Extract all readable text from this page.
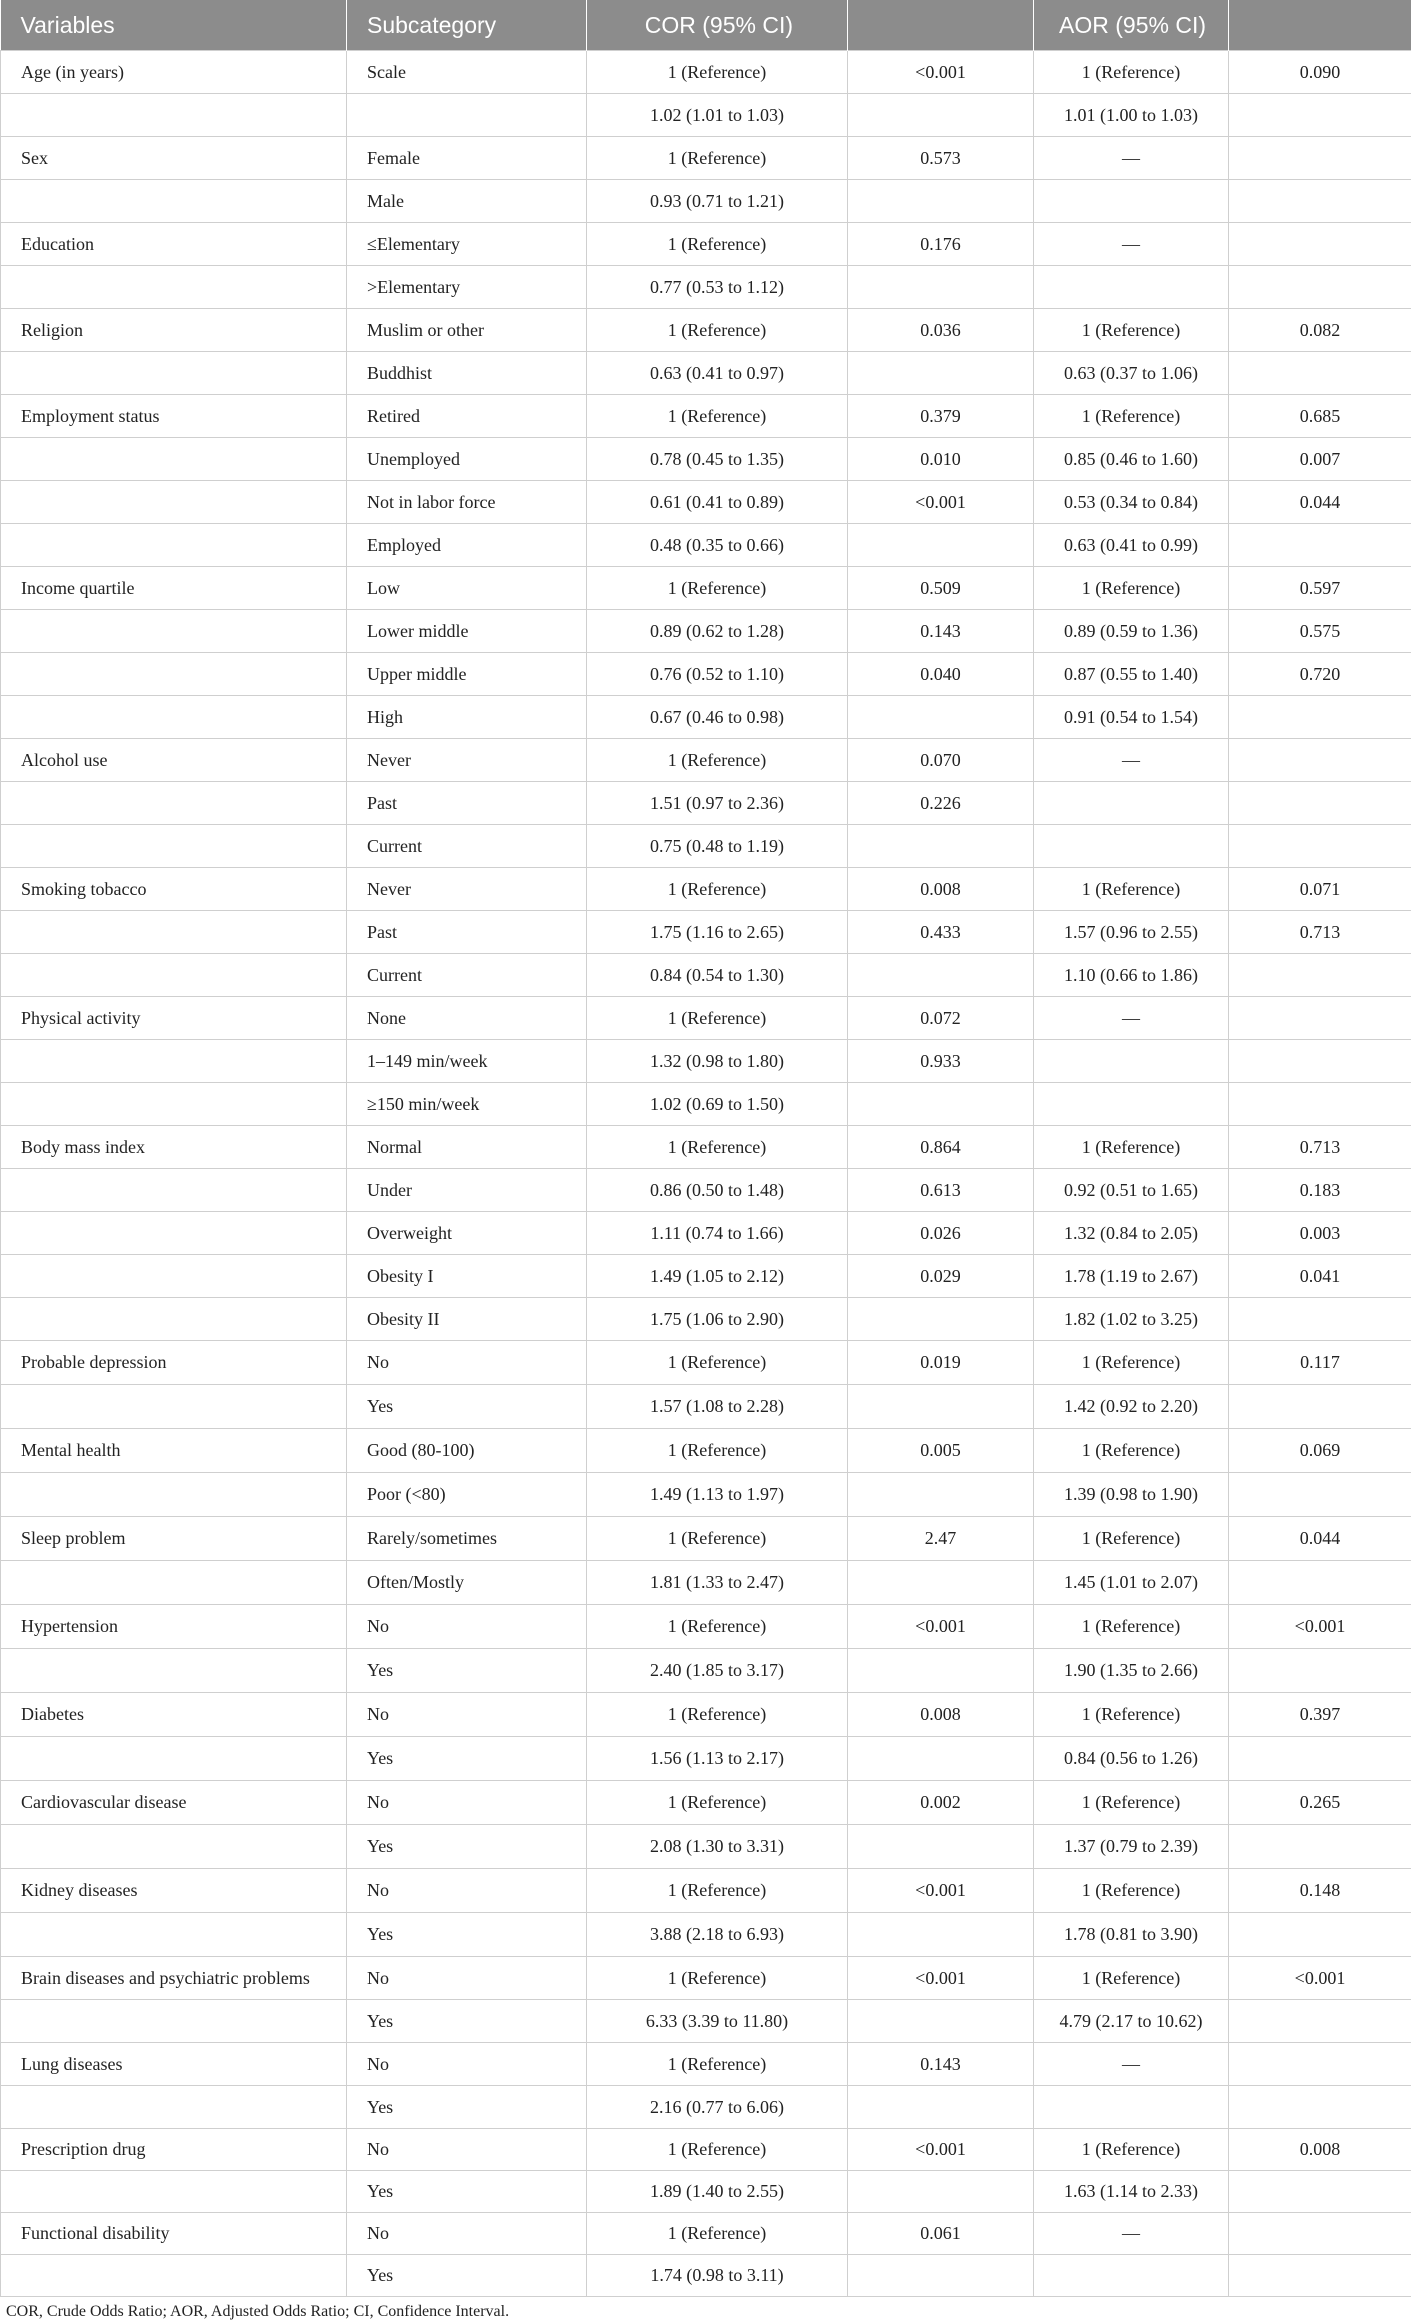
Variables	Subcategory	COR (95% CI)		AOR (95% CI)	
Age (in years)	Scale	1 (Reference)	<0.001	1 (Reference)	0.090
		1.02 (1.01 to 1.03)		1.01 (1.00 to 1.03)	
Sex	Female	1 (Reference)	0.573	—	
	Male	0.93 (0.71 to 1.21)			
Education	≤Elementary	1 (Reference)	0.176	—	
	>Elementary	0.77 (0.53 to 1.12)			
Religion	Muslim or other	1 (Reference)	0.036	1 (Reference)	0.082
	Buddhist	0.63 (0.41 to 0.97)		0.63 (0.37 to 1.06)	
Employment status	Retired	1 (Reference)	0.379	1 (Reference)	0.685
	Unemployed	0.78 (0.45 to 1.35)	0.010	0.85 (0.46 to 1.60)	0.007
	Not in labor force	0.61 (0.41 to 0.89)	<0.001	0.53 (0.34 to 0.84)	0.044
	Employed	0.48 (0.35 to 0.66)		0.63 (0.41 to 0.99)	
Income quartile	Low	1 (Reference)	0.509	1 (Reference)	0.597
	Lower middle	0.89 (0.62 to 1.28)	0.143	0.89 (0.59 to 1.36)	0.575
	Upper middle	0.76 (0.52 to 1.10)	0.040	0.87 (0.55 to 1.40)	0.720
	High	0.67 (0.46 to 0.98)		0.91 (0.54 to 1.54)	
Alcohol use	Never	1 (Reference)	0.070	—	
	Past	1.51 (0.97 to 2.36)	0.226		
	Current	0.75 (0.48 to 1.19)			
Smoking tobacco	Never	1 (Reference)	0.008	1 (Reference)	0.071
	Past	1.75 (1.16 to 2.65)	0.433	1.57 (0.96 to 2.55)	0.713
	Current	0.84 (0.54 to 1.30)		1.10 (0.66 to 1.86)	
Physical activity	None	1 (Reference)	0.072	—	
	1–149 min/week	1.32 (0.98 to 1.80)	0.933		
	≥150 min/week	1.02 (0.69 to 1.50)			
Body mass index	Normal	1 (Reference)	0.864	1 (Reference)	0.713
	Under	0.86 (0.50 to 1.48)	0.613	0.92 (0.51 to 1.65)	0.183
	Overweight	1.11 (0.74 to 1.66)	0.026	1.32 (0.84 to 2.05)	0.003
	Obesity I	1.49 (1.05 to 2.12)	0.029	1.78 (1.19 to 2.67)	0.041
	Obesity II	1.75 (1.06 to 2.90)		1.82 (1.02 to 3.25)	
Probable depression	No	1 (Reference)	0.019	1 (Reference)	0.117
	Yes	1.57 (1.08 to 2.28)		1.42 (0.92 to 2.20)	
Mental health	Good (80-100)	1 (Reference)	0.005	1 (Reference)	0.069
	Poor (<80)	1.49 (1.13 to 1.97)		1.39 (0.98 to 1.90)	
Sleep problem	Rarely/sometimes	1 (Reference)	2.47	1 (Reference)	0.044
	Often/Mostly	1.81 (1.33 to 2.47)		1.45 (1.01 to 2.07)	
Hypertension	No	1 (Reference)	<0.001	1 (Reference)	<0.001
	Yes	2.40 (1.85 to 3.17)		1.90 (1.35 to 2.66)	
Diabetes	No	1 (Reference)	0.008	1 (Reference)	0.397
	Yes	1.56 (1.13 to 2.17)		0.84 (0.56 to 1.26)	
Cardiovascular disease	No	1 (Reference)	0.002	1 (Reference)	0.265
	Yes	2.08 (1.30 to 3.31)		1.37 (0.79 to 2.39)	
Kidney diseases	No	1 (Reference)	<0.001	1 (Reference)	0.148
	Yes	3.88 (2.18 to 6.93)		1.78 (0.81 to 3.90)	
Brain diseases and psychiatric problems	No	1 (Reference)	<0.001	1 (Reference)	<0.001
	Yes	6.33 (3.39 to 11.80)		4.79 (2.17 to 10.62)	
Lung diseases	No	1 (Reference)	0.143	—	
	Yes	2.16 (0.77 to 6.06)			
Prescription drug	No	1 (Reference)	<0.001	1 (Reference)	0.008
	Yes	1.89 (1.40 to 2.55)		1.63 (1.14 to 2.33)	
Functional disability	No	1 (Reference)	0.061	—	
	Yes	1.74 (0.98 to 3.11)			
COR, Crude Odds Ratio; AOR, Adjusted Odds Ratio; CI, Confidence Interval.
